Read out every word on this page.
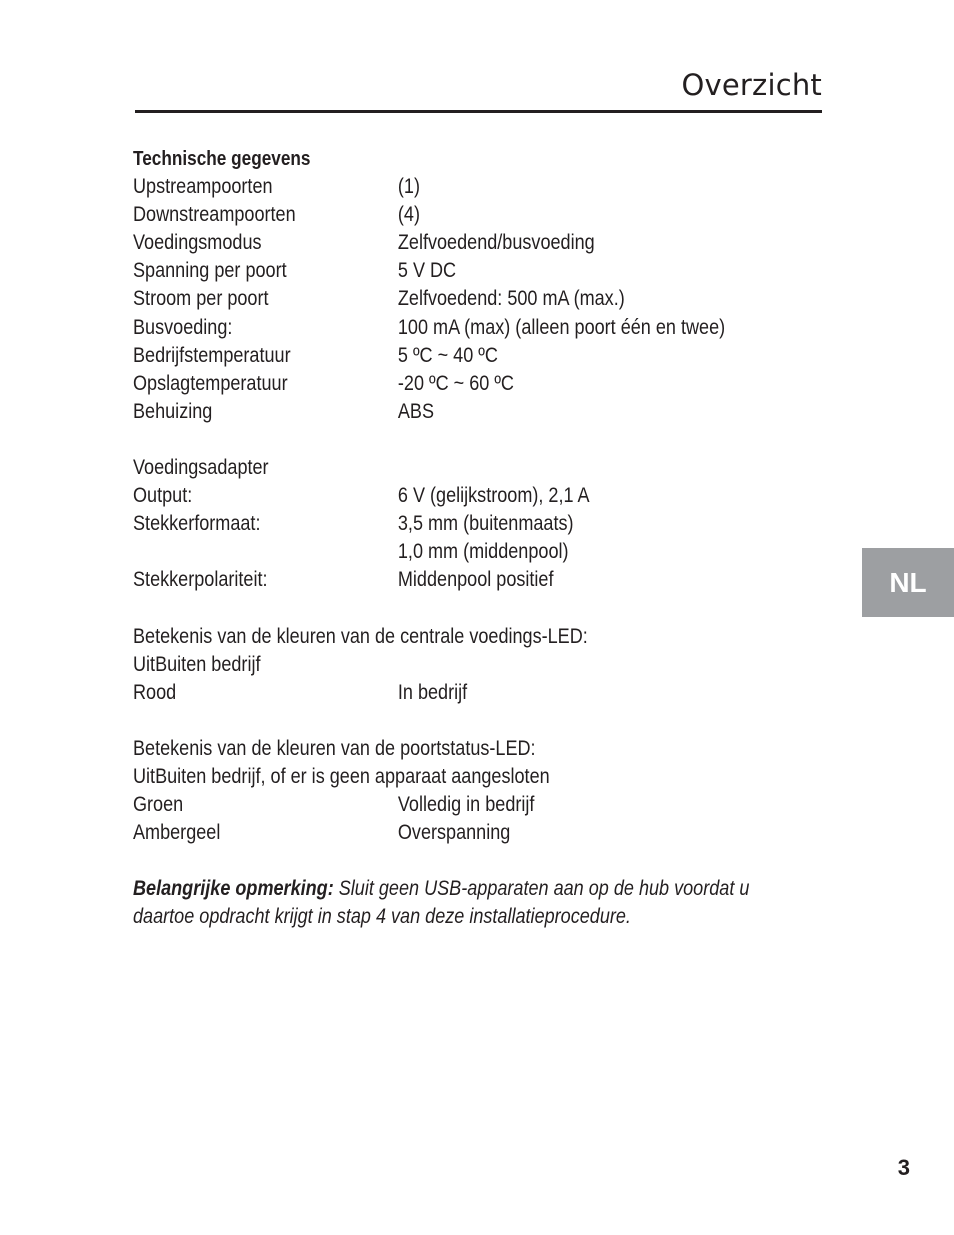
Overzicht
Technische gegevens
Upstreampoorten	(1)
Downstreampoorten	(4)
Voedingsmodus	Zelfvoedend/busvoeding
Spanning per poort	5 V DC
Stroom per poort	Zelfvoedend: 500 mA (max.)
Busvoeding:	100 mA (max) (alleen poort één en twee)
Bedrijfstemperatuur	5 ºC ~ 40 ºC
Opslagtemperatuur	-20 ºC ~ 60 ºC
Behuizing	ABS
Voedingsadapter
Output:	6 V (gelijkstroom), 2,1 A
Stekkerformaat:	3,5 mm (buitenmaats)
1,0 mm (middenpool)
Stekkerpolariteit:	Middenpool positief
Betekenis van de kleuren van de centrale voedings-LED:
UitBuiten bedrijf
Rood	In bedrijf
Betekenis van de kleuren van de poortstatus-LED:
UitBuiten bedrijf, of er is geen apparaat aangesloten
Groen	Volledig in bedrijf
Ambergeel	Overspanning
Belangrijke opmerking: Sluit geen USB-apparaten aan op de hub voordat u daartoe opdracht krijgt in stap 4 van deze installatieprocedure.
NL
3
